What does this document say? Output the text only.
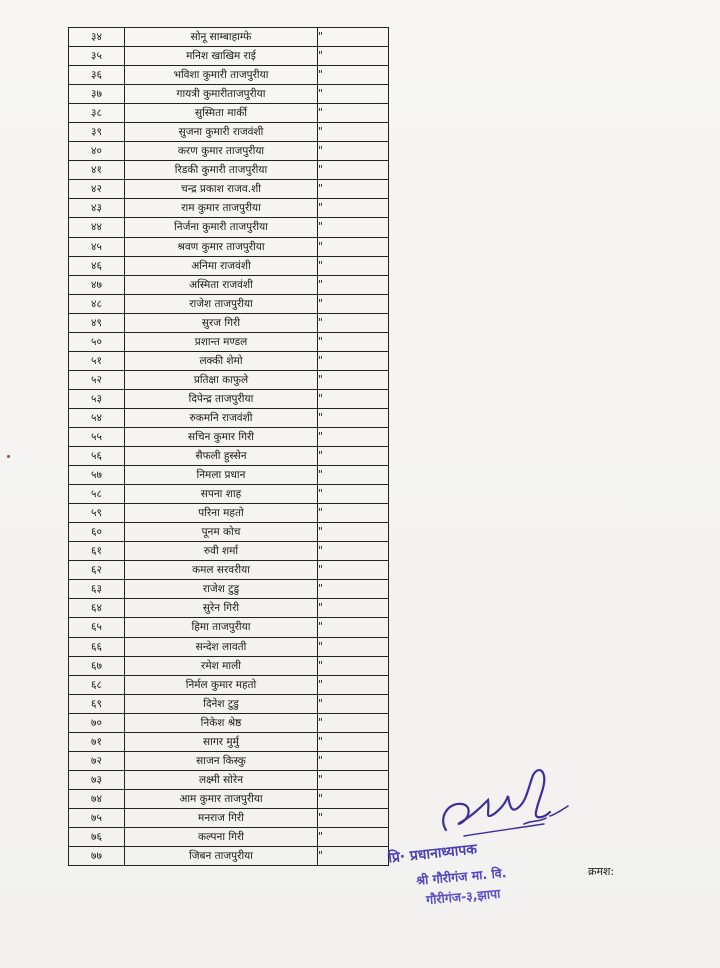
३४	सोनू साम्बाहाम्फे	"
३५	मनिश खाखिम राई	"
३६	भविशा कुमारी ताजपुरीया	"
३७	गायत्री कुमारीताजपुरीया	"
३८	सुस्मिता मार्की	"
३९	सुजना कुमारी राजवंशी	"
४०	करण कुमार ताजपुरीया	"
४१	रिडकी कुमारी ताजपुरीया	"
४२	चन्द्र प्रकाश राजव.शी	"
४३	राम कुमार ताजपुरीया	"
४४	निर्जना कुमारी ताजपुरीया	"
४५	श्रवण कुमार ताजपुरीया	"
४६	अनिमा राजवंशी	"
४७	अस्मिता राजवंशी	"
४८	राजेश ताजपुरीया	"
४९	सुरज गिरी	"
५०	प्रशान्त मण्डल	"
५१	लक्की शेमो	"
५२	प्रतिक्षा काफुले	"
५३	दिपेन्द्र ताजपुरीया	"
५४	रुकमनि राजवंशी	"
५५	सचिन कुमार गिरी	"
५६	सैफली हुस्सेन	"
५७	निमला प्रधान	"
५८	सपना शाह	"
५९	परिना महतो	"
६०	पूनम कोच	"
६१	रुवी शर्मा	"
६२	कमल सरवरीया	"
६३	राजेश टुडु	"
६४	सुरेन गिरी	"
६५	हिमा ताजपुरीया	"
६६	सन्देश लावती	"
६७	रमेश माली	"
६८	निर्मल कुमार महतो	"
६९	दिनेश टुडु	"
७०	निकेश श्रेष्ठ	"
७१	सागर मुर्मु	"
७२	साजन किस्कु	"
७३	लक्ष्मी सोरेन	"
७४	आम कुमार ताजपुरीया	"
७५	मनराज गिरी	"
७६	कल्पना गिरी	"
७७	जिबन ताजपुरीया	"	प्रि· प्रधानाध्यापक
श्री गौरीगंज मा. वि.
गौरीगंज-३,झापा
क्रमश:
